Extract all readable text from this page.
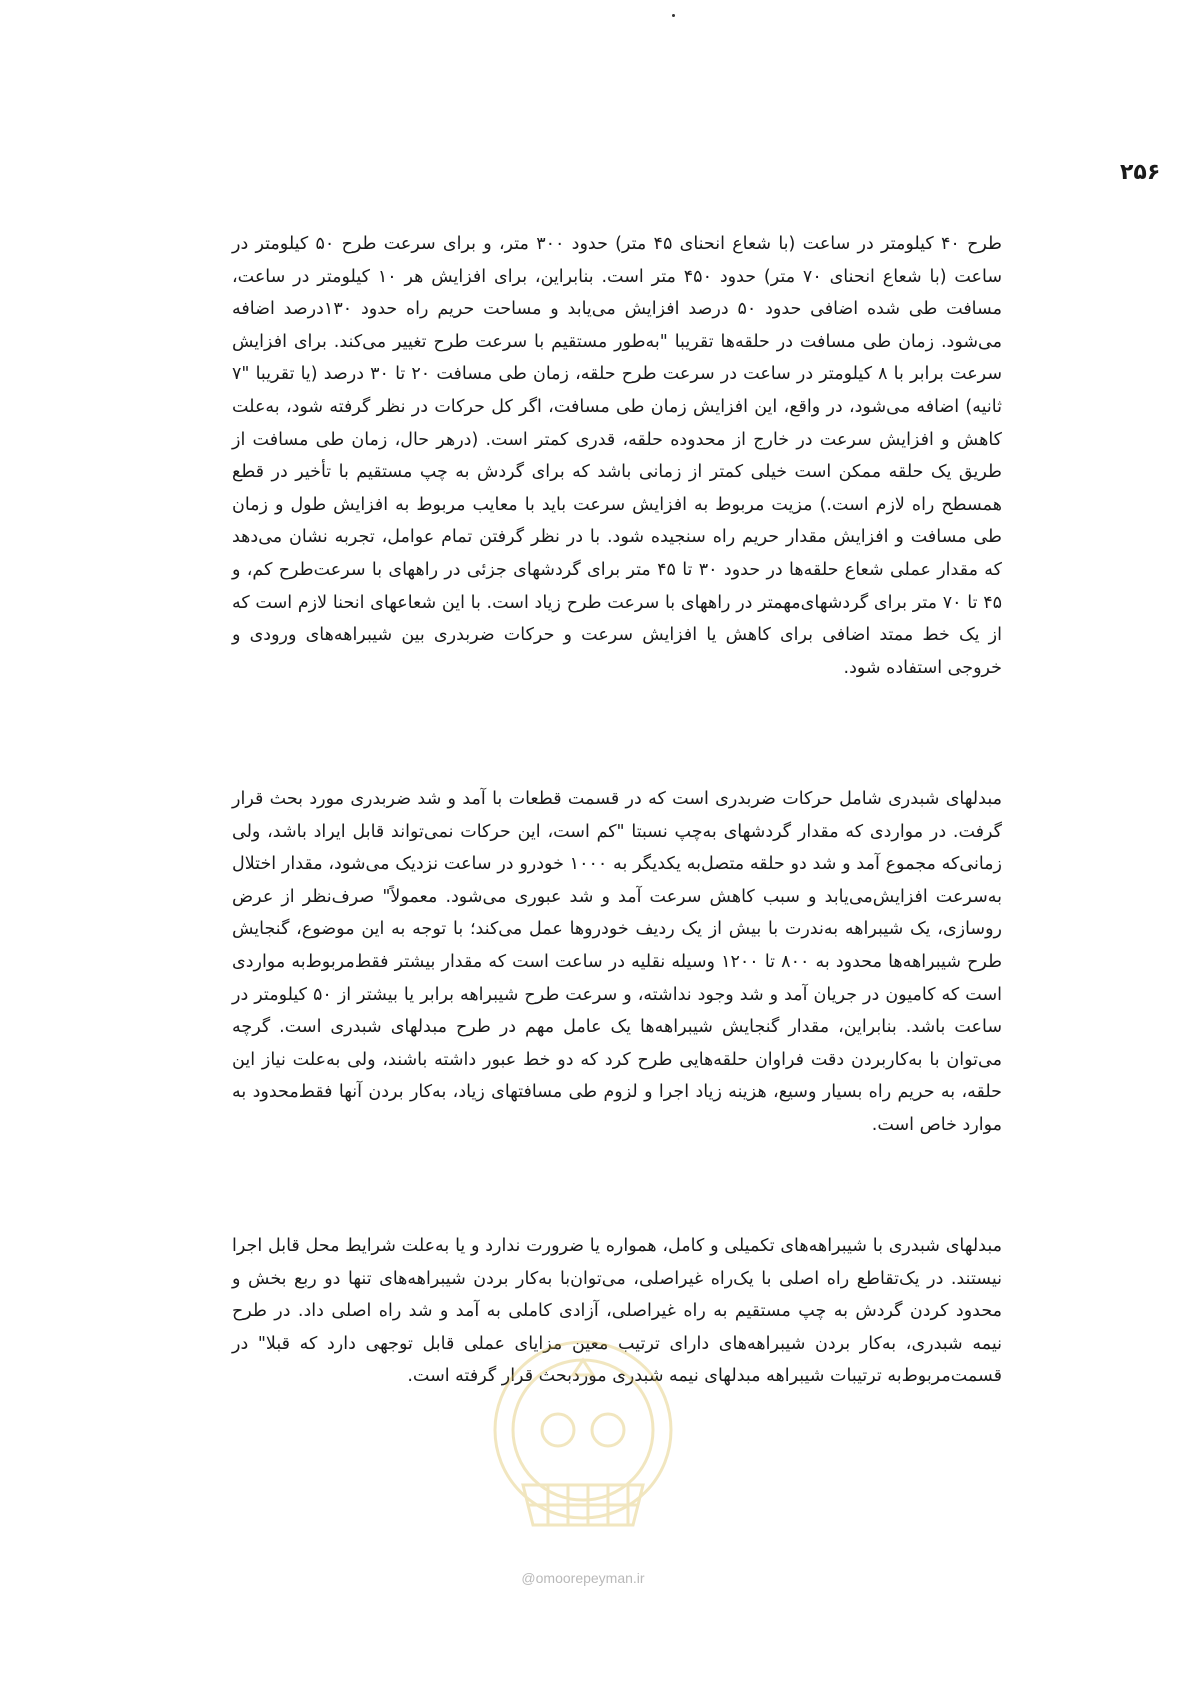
۲۵۶
طرح ۴۰ کیلومتر در ساعت (با شعاع انحنای ۴۵ متر) حدود ۳۰۰ متر، و برای سرعت طرح ۵۰ کیلومتر در ساعت (با شعاع انحنای ۷۰ متر) حدود ۴۵۰ متر است. بنابراین، برای افزایش هر ۱۰ کیلومتر در ساعت، مسافت طی شده اضافی حدود ۵۰ درصد افزایش می‌یابد و مساحت حریم راه حدود ۱۳۰درصد اضافه می‌شود. زمان طی مسافت در حلقه‌ها تقریبا "به‌طور مستقیم با سرعت طرح تغییر می‌کند. برای افزایش سرعت برابر با ۸ کیلومتر در ساعت در سرعت طرح حلقه، زمان طی مسافت ۲۰ تا ۳۰ درصد (یا تقریبا "۷ ثانیه) اضافه می‌شود، در واقع، این افزایش زمان طی مسافت، اگر کل حرکات در نظر گرفته شود، به‌علت کاهش و افزایش سرعت در خارج از محدوده حلقه، قدری کمتر است. (درهر حال، زمان طی مسافت از طریق یک حلقه ممکن است خیلی کمتر از زمانی باشد که برای گردش به چپ مستقیم با تأخیر در قطع همسطح راه لازم است.) مزیت مربوط به افزایش سرعت باید با معایب مربوط به افزایش طول و زمان طی مسافت و افزایش مقدار حریم راه سنجیده شود. با در نظر گرفتن تمام عوامل، تجربه نشان می‌دهد که مقدار عملی شعاع حلقه‌ها در حدود ۳۰ تا ۴۵ متر برای گردشهای جزئی در راههای با سرعت‌طرح کم، و ۴۵ تا ۷۰ متر برای گردشهای‌مهمتر در راههای با سرعت طرح زیاد است. با این شعاعهای انحنا لازم است که از یک خط ممتد اضافی برای کاهش یا افزایش سرعت و حرکات ضربدری بین شیبراهه‌های ورودی و خروجی استفاده شود.
مبدلهای شبدری شامل حرکات ضربدری است که در قسمت قطعات با آمد و شد ضربدری مورد بحث قرار گرفت. در مواردی که مقدار گردشهای به‌چپ نسبتا "کم است، این حرکات نمی‌تواند قابل ایراد باشد، ولی زمانی‌که مجموع آمد و شد دو حلقه متصل‌به یکدیگر به ۱۰۰۰ خودرو در ساعت نزدیک می‌شود، مقدار اختلال به‌سرعت افزایش‌می‌یابد و سبب کاهش سرعت آمد و شد عبوری می‌شود. معمولاً" صرف‌نظر از عرض روسازی، یک شیبراهه به‌ندرت با بیش از یک ردیف خودروها عمل می‌کند؛ با توجه به این موضوع، گنجایش طرح شیبراهه‌ها محدود به ۸۰۰ تا ۱۲۰۰ وسیله نقلیه در ساعت است که مقدار بیشتر فقط‌مربوط‌به مواردی است که کامیون در جریان آمد و شد وجود نداشته، و سرعت طرح شیبراهه برابر یا بیشتر از ۵۰ کیلومتر در ساعت باشد. بنابراین، مقدار گنجایش شیبراهه‌ها یک عامل مهم در طرح مبدلهای شبدری است. گرچه می‌توان با به‌کاربردن دقت فراوان حلقه‌هایی طرح کرد که دو خط عبور داشته باشند، ولی به‌علت نیاز این حلقه، به حریم راه بسیار وسیع، هزینه زیاد اجرا و لزوم طی مسافتهای زیاد، به‌کار بردن آنها فقط‌محدود به موارد خاص است.
مبدلهای شبدری با شیبراهه‌های تکمیلی و کامل، همواره یا ضرورت ندارد و یا به‌علت شرایط محل قابل اجرا نیستند. در یک‌تقاطع راه اصلی با یک‌راه غیراصلی، می‌توان‌با به‌کار بردن شیبراهه‌های تنها دو ربع بخش و محدود کردن گردش به چپ مستقیم به راه غیراصلی، آزادی کاملی به آمد و شد راه اصلی داد. در طرح نیمه شبدری، به‌کار بردن شیبراهه‌های دارای ترتیب معین مزایای عملی قابل توجهی دارد که قبلا" در قسمت‌مربوط‌به ترتیبات شیبراهه مبدلهای نیمه شبدری موردبحث قرار گرفته است.
@omoorepeyman.ir
